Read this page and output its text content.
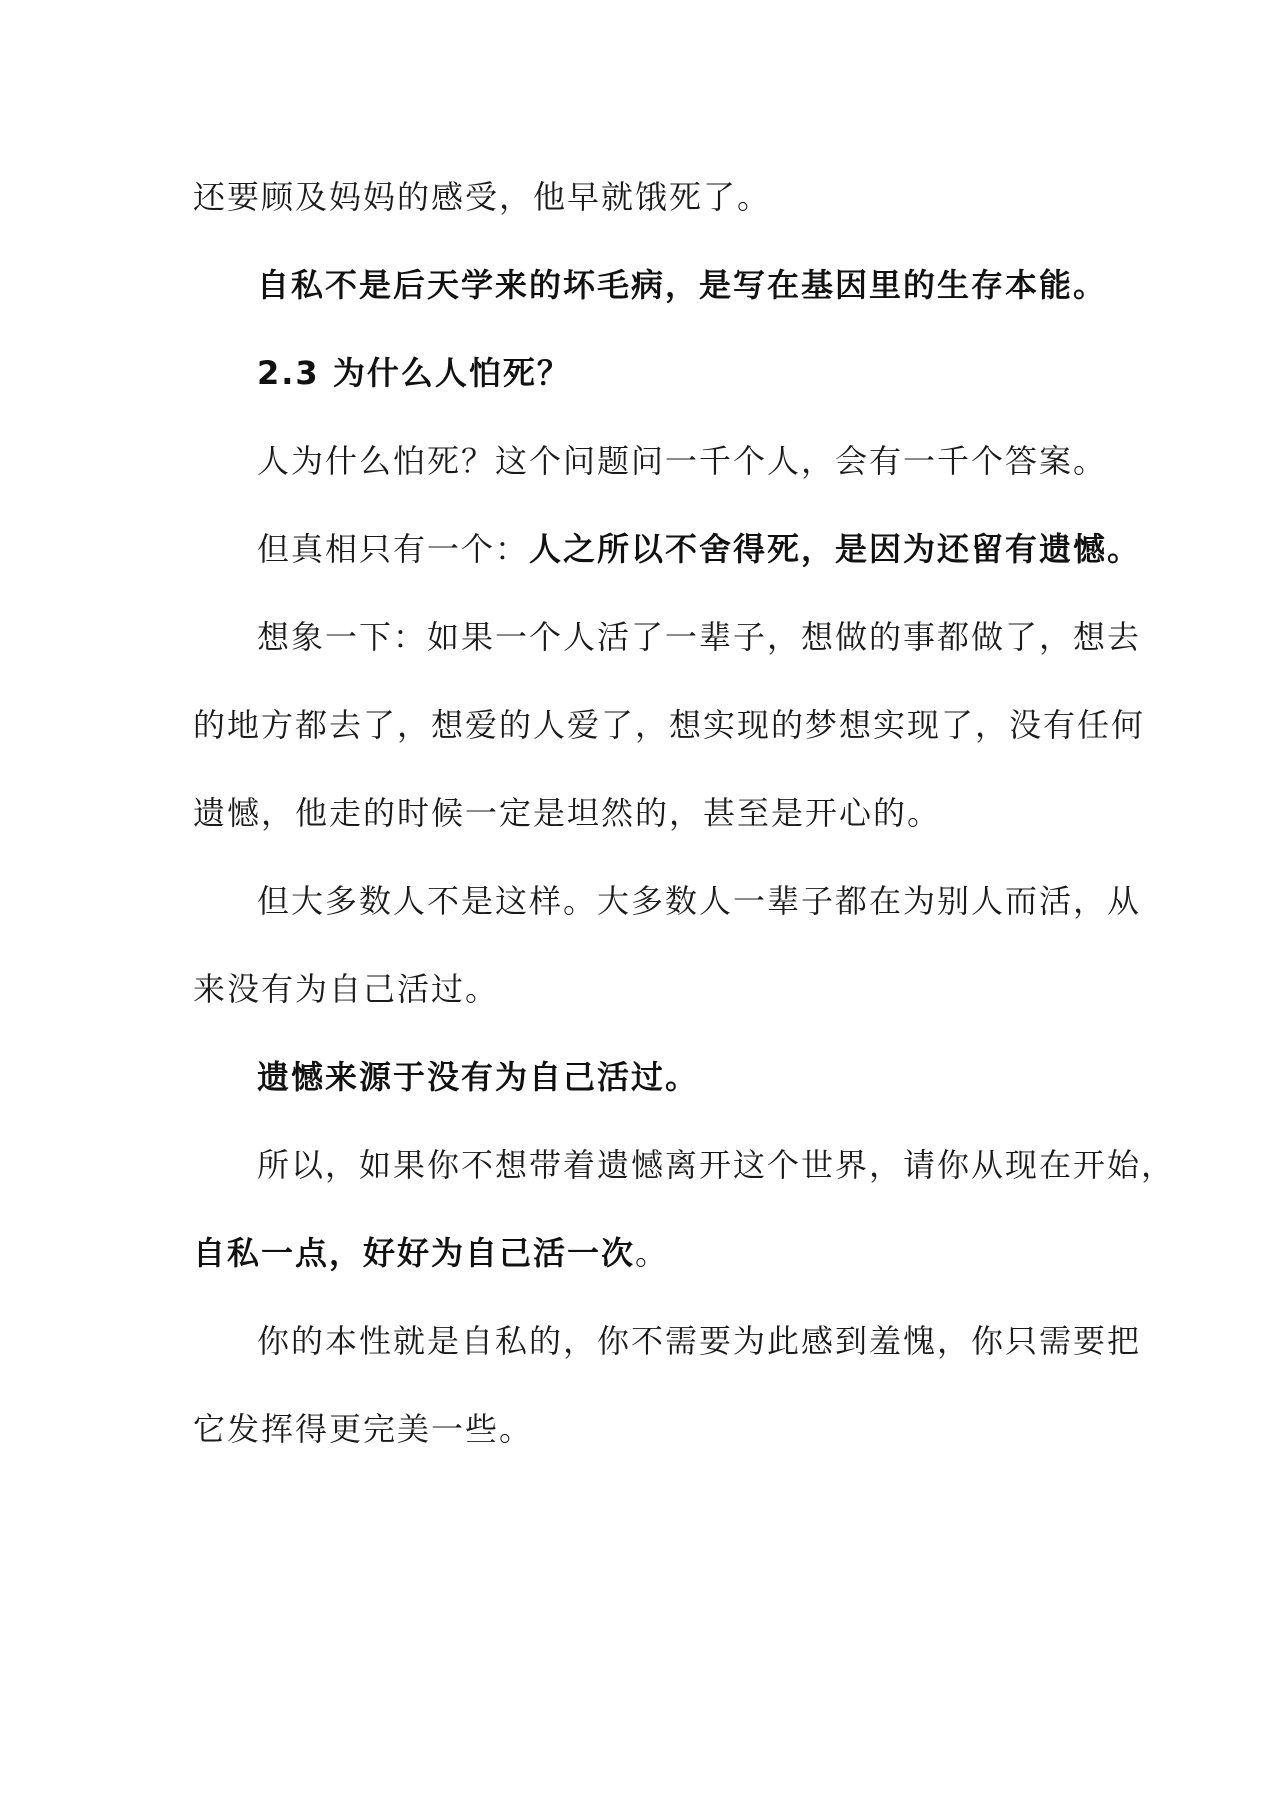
还要顾及妈妈的感受，他早就饿死了。

自私不是后天学来的坏毛病，是写在基因里的生存本能。

2.3 为什么人怕死？

人为什么怕死？这个问题问一千个人，会有一千个答案。

但真相只有一个：人之所以不舍得死，是因为还留有遗憾。

想象一下：如果一个人活了一辈子，想做的事都做了，想去

的地方都去了，想爱的人爱了，想实现的梦想实现了，没有任何

遗憾，他走的时候一定是坦然的，甚至是开心的。

但大多数人不是这样。大多数人一辈子都在为别人而活，从

来没有为自己活过。

遗憾来源于没有为自己活过。

所以，如果你不想带着遗憾离开这个世界，请你从现在开始，

自私一点，好好为自己活一次。

你的本性就是自私的，你不需要为此感到羞愧，你只需要把

它发挥得更完美一些。
